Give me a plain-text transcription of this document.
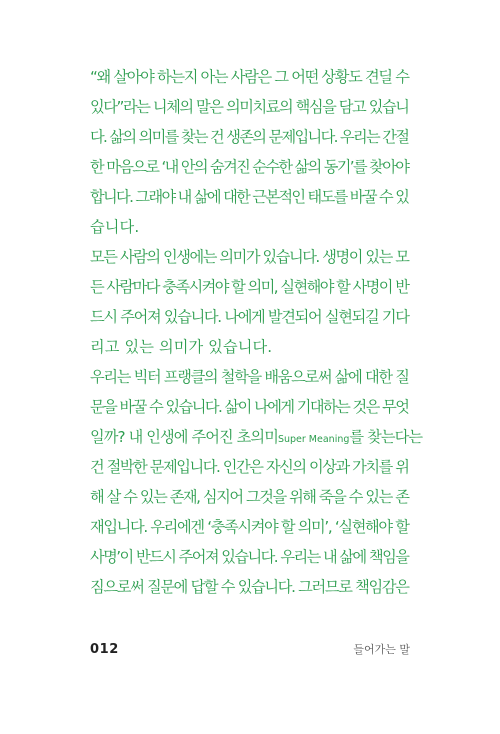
“왜 살아야 하는지 아는 사람은 그 어떤 상황도 견딜 수

있다”라는 니체의 말은 의미치료의 핵심을 담고 있습니

다. 삶의 의미를 찾는 건 생존의 문제입니다. 우리는 간절

한 마음으로 ‘내 안의 숨겨진 순수한 삶의 동기’를 찾아야

합니다. 그래야 내 삶에 대한 근본적인 태도를 바꿀 수 있

습니다.

모든 사람의 인생에는 의미가 있습니다. 생명이 있는 모

든 사람마다 충족시켜야 할 의미, 실현해야 할 사명이 반

드시 주어져 있습니다. 나에게 발견되어 실현되길 기다

리고 있는 의미가 있습니다.

우리는 빅터 프랭클의 철학을 배움으로써 삶에 대한 질

문을 바꿀 수 있습니다. 삶이 나에게 기대하는 것은 무엇

일까? 내 인생에 주어진 초의미Super Meaning를 찾는다는

건 절박한 문제입니다. 인간은 자신의 이상과 가치를 위

해 살 수 있는 존재, 심지어 그것을 위해 죽을 수 있는 존

재입니다. 우리에겐 ‘충족시켜야 할 의미’, ‘실현해야 할

사명’이 반드시 주어져 있습니다. 우리는 내 삶에 책임을

짐으로써 질문에 답할 수 있습니다. 그러므로 책임감은

012	들어가는 말
